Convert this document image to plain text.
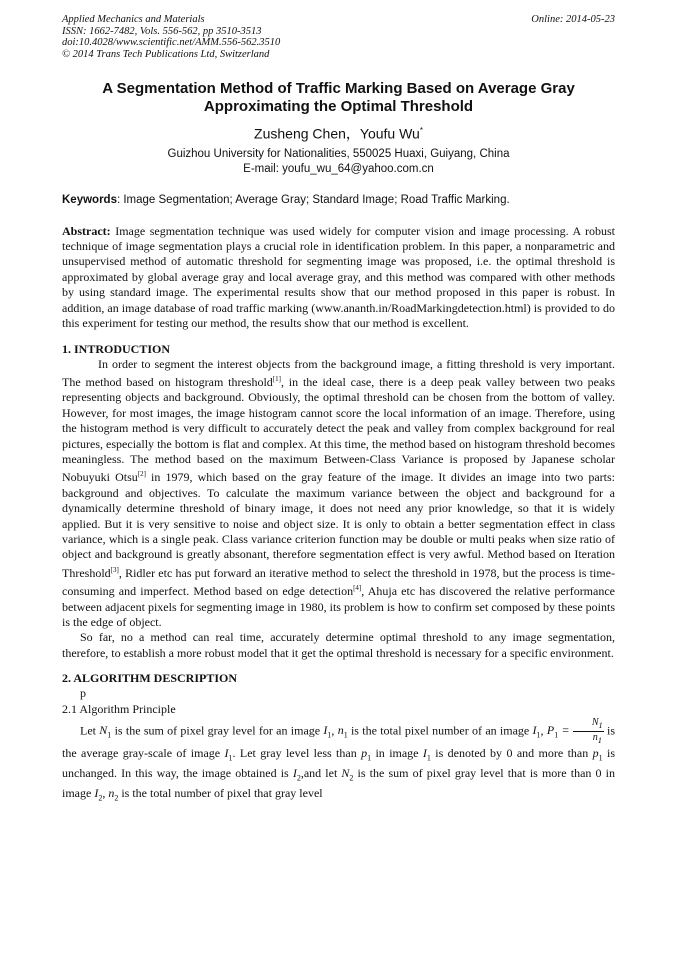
Applied Mechanics and Materials	Online: 2014-05-23
ISSN: 1662-7482, Vols. 556-562, pp 3510-3513
doi:10.4028/www.scientific.net/AMM.556-562.3510
© 2014 Trans Tech Publications Ltd, Switzerland
A Segmentation Method of Traffic Marking Based on Average Gray
Approximating the Optimal Threshold
Zusheng Chen，Youfu Wu*
Guizhou University for Nationalities, 550025 Huaxi, Guiyang, China
E-mail: youfu_wu_64@yahoo.com.cn
Keywords: Image Segmentation; Average Gray; Standard Image; Road Traffic Marking.
Abstract: Image segmentation technique was used widely for computer vision and image processing. A robust technique of image segmentation plays a crucial role in identification problem. In this paper, a nonparametric and unsupervised method of automatic threshold for segmenting image was proposed, i.e. the optimal threshold is approximated by global average gray and local average gray, and this method was compared with other methods by using standard image. The experimental results show that our method proposed in this paper is robust. In addition, an image database of road traffic marking (www.ananth.in/RoadMarkingdetection.html) is provided to do this experiment for testing our method, the results show that our method is excellent.
1. INTRODUCTION

In order to segment the interest objects from the background image, a fitting threshold is very important. The method based on histogram threshold[1], in the ideal case, there is a deep peak valley between two peaks representing objects and background. Obviously, the optimal threshold can be chosen from the bottom of valley. However, for most images, the image histogram cannot score the local information of an image. Therefore, using the histogram method is very difficult to accurately detect the peak and valley from complex background for real pictures, especially the bottom is flat and complex. At this time, the method based on histogram threshold becomes meaningless. The method based on the maximum Between-Class Variance is proposed by Japanese scholar Nobuyuki Otsu[2] in 1979, which based on the gray feature of the image. It divides an image into two parts: background and objectives. To calculate the maximum variance between the object and background for a dynamically determine threshold of binary image, it does not need any prior knowledge, so that it is widely applied. But it is very sensitive to noise and object size. It is only to obtain a better segmentation effect in class variance, which is a single peak. Class variance criterion function may be double or multi peaks when size ratio of object and background is greatly absonant, therefore segmentation effect is very awful. Method based on Iteration Threshold[3], Ridler etc has put forward an iterative method to select the threshold in 1978, but the process is time-consuming and imperfect. Method based on edge detection[4], Ahuja etc has discovered the relative performance between adjacent pixels for segmenting image in 1980, its problem is how to confirm set composed by these points is the edge of object.

So far, no a method can real time, accurately determine optimal threshold to any image segmentation, therefore, to establish a more robust model that it get the optimal threshold is necessary for a specific environment.

2. ALGORITHM DESCRIPTION

p

2.1 Algorithm Principle

Let $N_1$ is the sum of pixel gray level for an image $I_1$, $n_1$ is the total pixel number of an image $I_1$, $P_1 = \frac{N_1}{n_1}$ is the average gray-scale of image $I_1$. Let gray level less than $p_1$ in image $I_1$ is denoted by 0 and more than $p_1$ is unchanged. In this way, the image obtained is $I_2,and$ let $N_2$ is the sum of pixel gray level that is more than 0 in image $I_2$, $n_2$ is the total number of pixel that gray level
